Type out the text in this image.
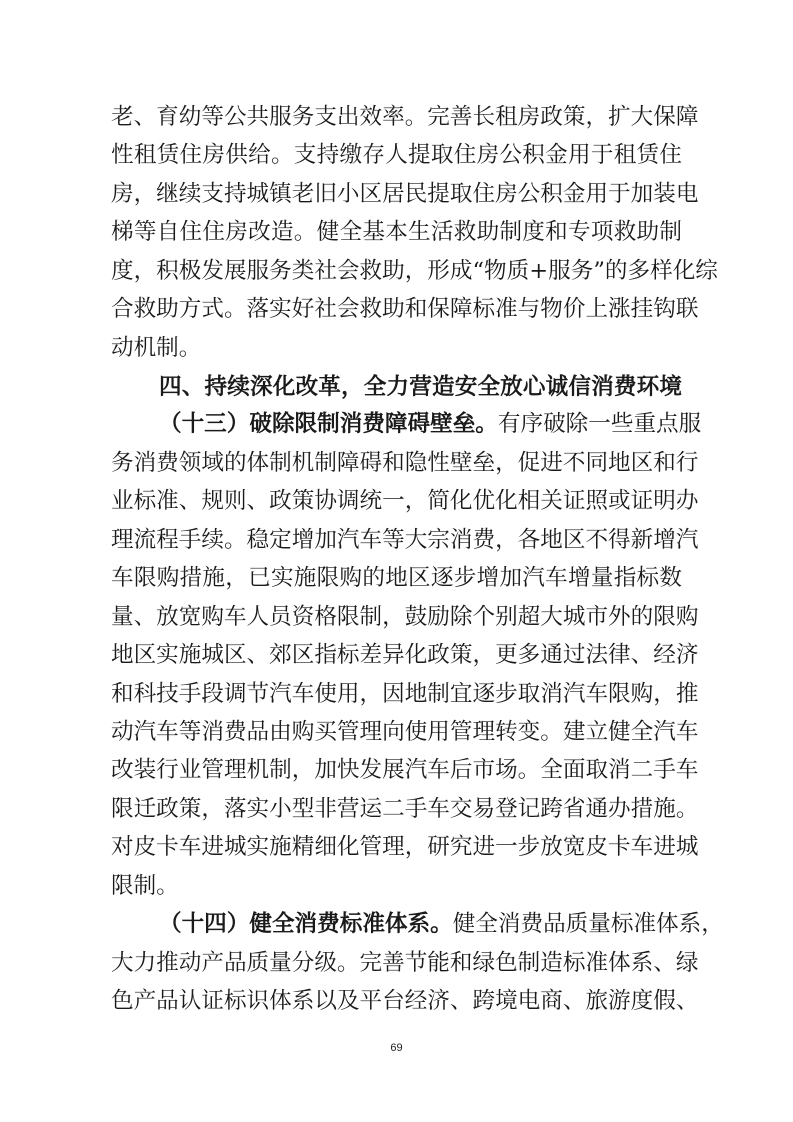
老、育幼等公共服务支出效率。完善长租房政策，扩大保障
性租赁住房供给。支持缴存人提取住房公积金用于租赁住
房，继续支持城镇老旧小区居民提取住房公积金用于加装电
梯等自住住房改造。健全基本生活救助制度和专项救助制
度，积极发展服务类社会救助，形成“物质+服务”的多样化综
合救助方式。落实好社会救助和保障标准与物价上涨挂钩联
动机制。
四、持续深化改革，全力营造安全放心诚信消费环境
（十三）破除限制消费障碍壁垒。有序破除一些重点服
务消费领域的体制机制障碍和隐性壁垒，促进不同地区和行
业标准、规则、政策协调统一，简化优化相关证照或证明办
理流程手续。稳定增加汽车等大宗消费，各地区不得新增汽
车限购措施，已实施限购的地区逐步增加汽车增量指标数
量、放宽购车人员资格限制，鼓励除个别超大城市外的限购
地区实施城区、郊区指标差异化政策，更多通过法律、经济
和科技手段调节汽车使用，因地制宜逐步取消汽车限购，推
动汽车等消费品由购买管理向使用管理转变。建立健全汽车
改装行业管理机制，加快发展汽车后市场。全面取消二手车
限迁政策，落实小型非营运二手车交易登记跨省通办措施。
对皮卡车进城实施精细化管理，研究进一步放宽皮卡车进城
限制。
（十四）健全消费标准体系。健全消费品质量标准体系，
大力推动产品质量分级。完善节能和绿色制造标准体系、绿
色产品认证标识体系以及平台经济、跨境电商、旅游度假、
69
